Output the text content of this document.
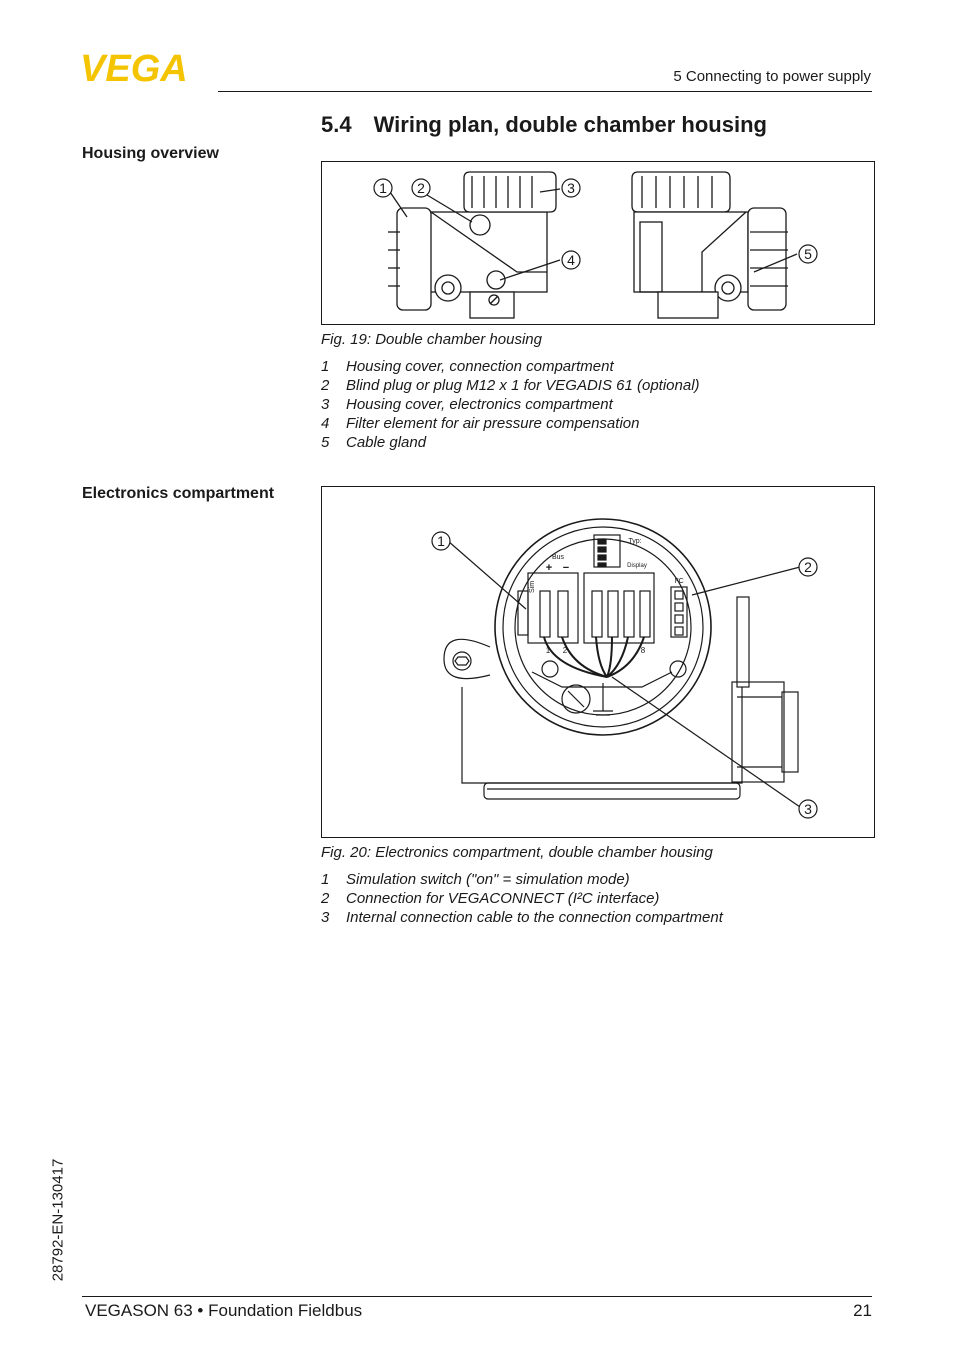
VEGA	5 Connecting to power supply
5.4 Wiring plan, double chamber housing
Housing overview
1 2	3
4	5
Fig. 19: Double chamber housing
1 Housing cover, connection compartment
2 Blind plug or plug M12 x 1 for VEGADIS 61 (optional)
3 Housing cover, electronics compartment
4 Filter element for air pressure compensation
5 Cable gland
Electronics compartment
1
2
3
Typ:
Bus
Display
Sim	I²C
+ −
1 2	8
Fig. 20: Electronics compartment, double chamber housing
1 Simulation switch ("on" = simulation mode)
2 Connection for VEGACONNECT (I²C interface)
3 Internal connection cable to the connection compartment
28792-EN-130417
VEGASON 63 • Foundation Fieldbus	21
